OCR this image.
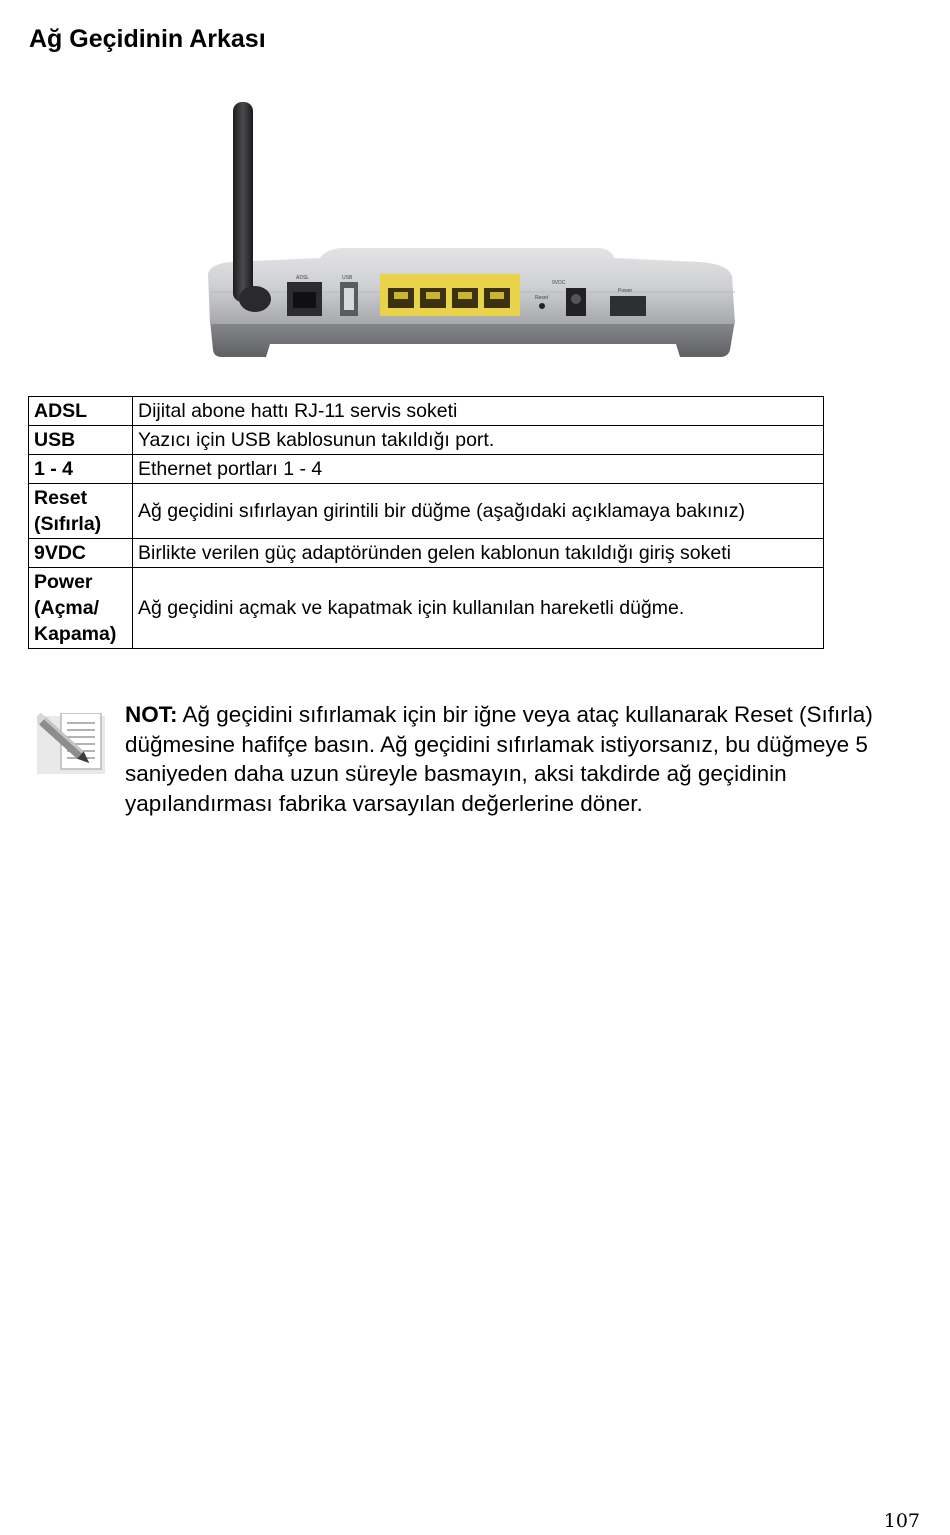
Ağ Geçidinin Arkası
ADSL	USB
9VDC
Reset
Power
ADSL	Dijital abone hattı RJ-11 servis soketi
USB	Yazıcı için USB kablosunun takıldığı port.
1 - 4	Ethernet portları 1 - 4
Reset (Sıfırla)	Ağ geçidini sıfırlayan girintili bir düğme (aşağıdaki açıklamaya bakınız)
9VDC	Birlikte verilen güç adaptöründen gelen kablonun takıldığı giriş soketi
Power (Açma/ Kapama)	Ağ geçidini açmak ve kapatmak için kullanılan hareketli düğme.

NOT: Ağ geçidini sıfırlamak için bir iğne veya ataç kullanarak Reset (Sıfırla) düğmesine hafifçe basın. Ağ geçidini sıfırlamak istiyorsanız, bu düğmeye 5 saniyeden daha uzun süreyle basmayın, aksi takdirde ağ geçidinin yapılandırması fabrika varsayılan değerlerine döner.

107
